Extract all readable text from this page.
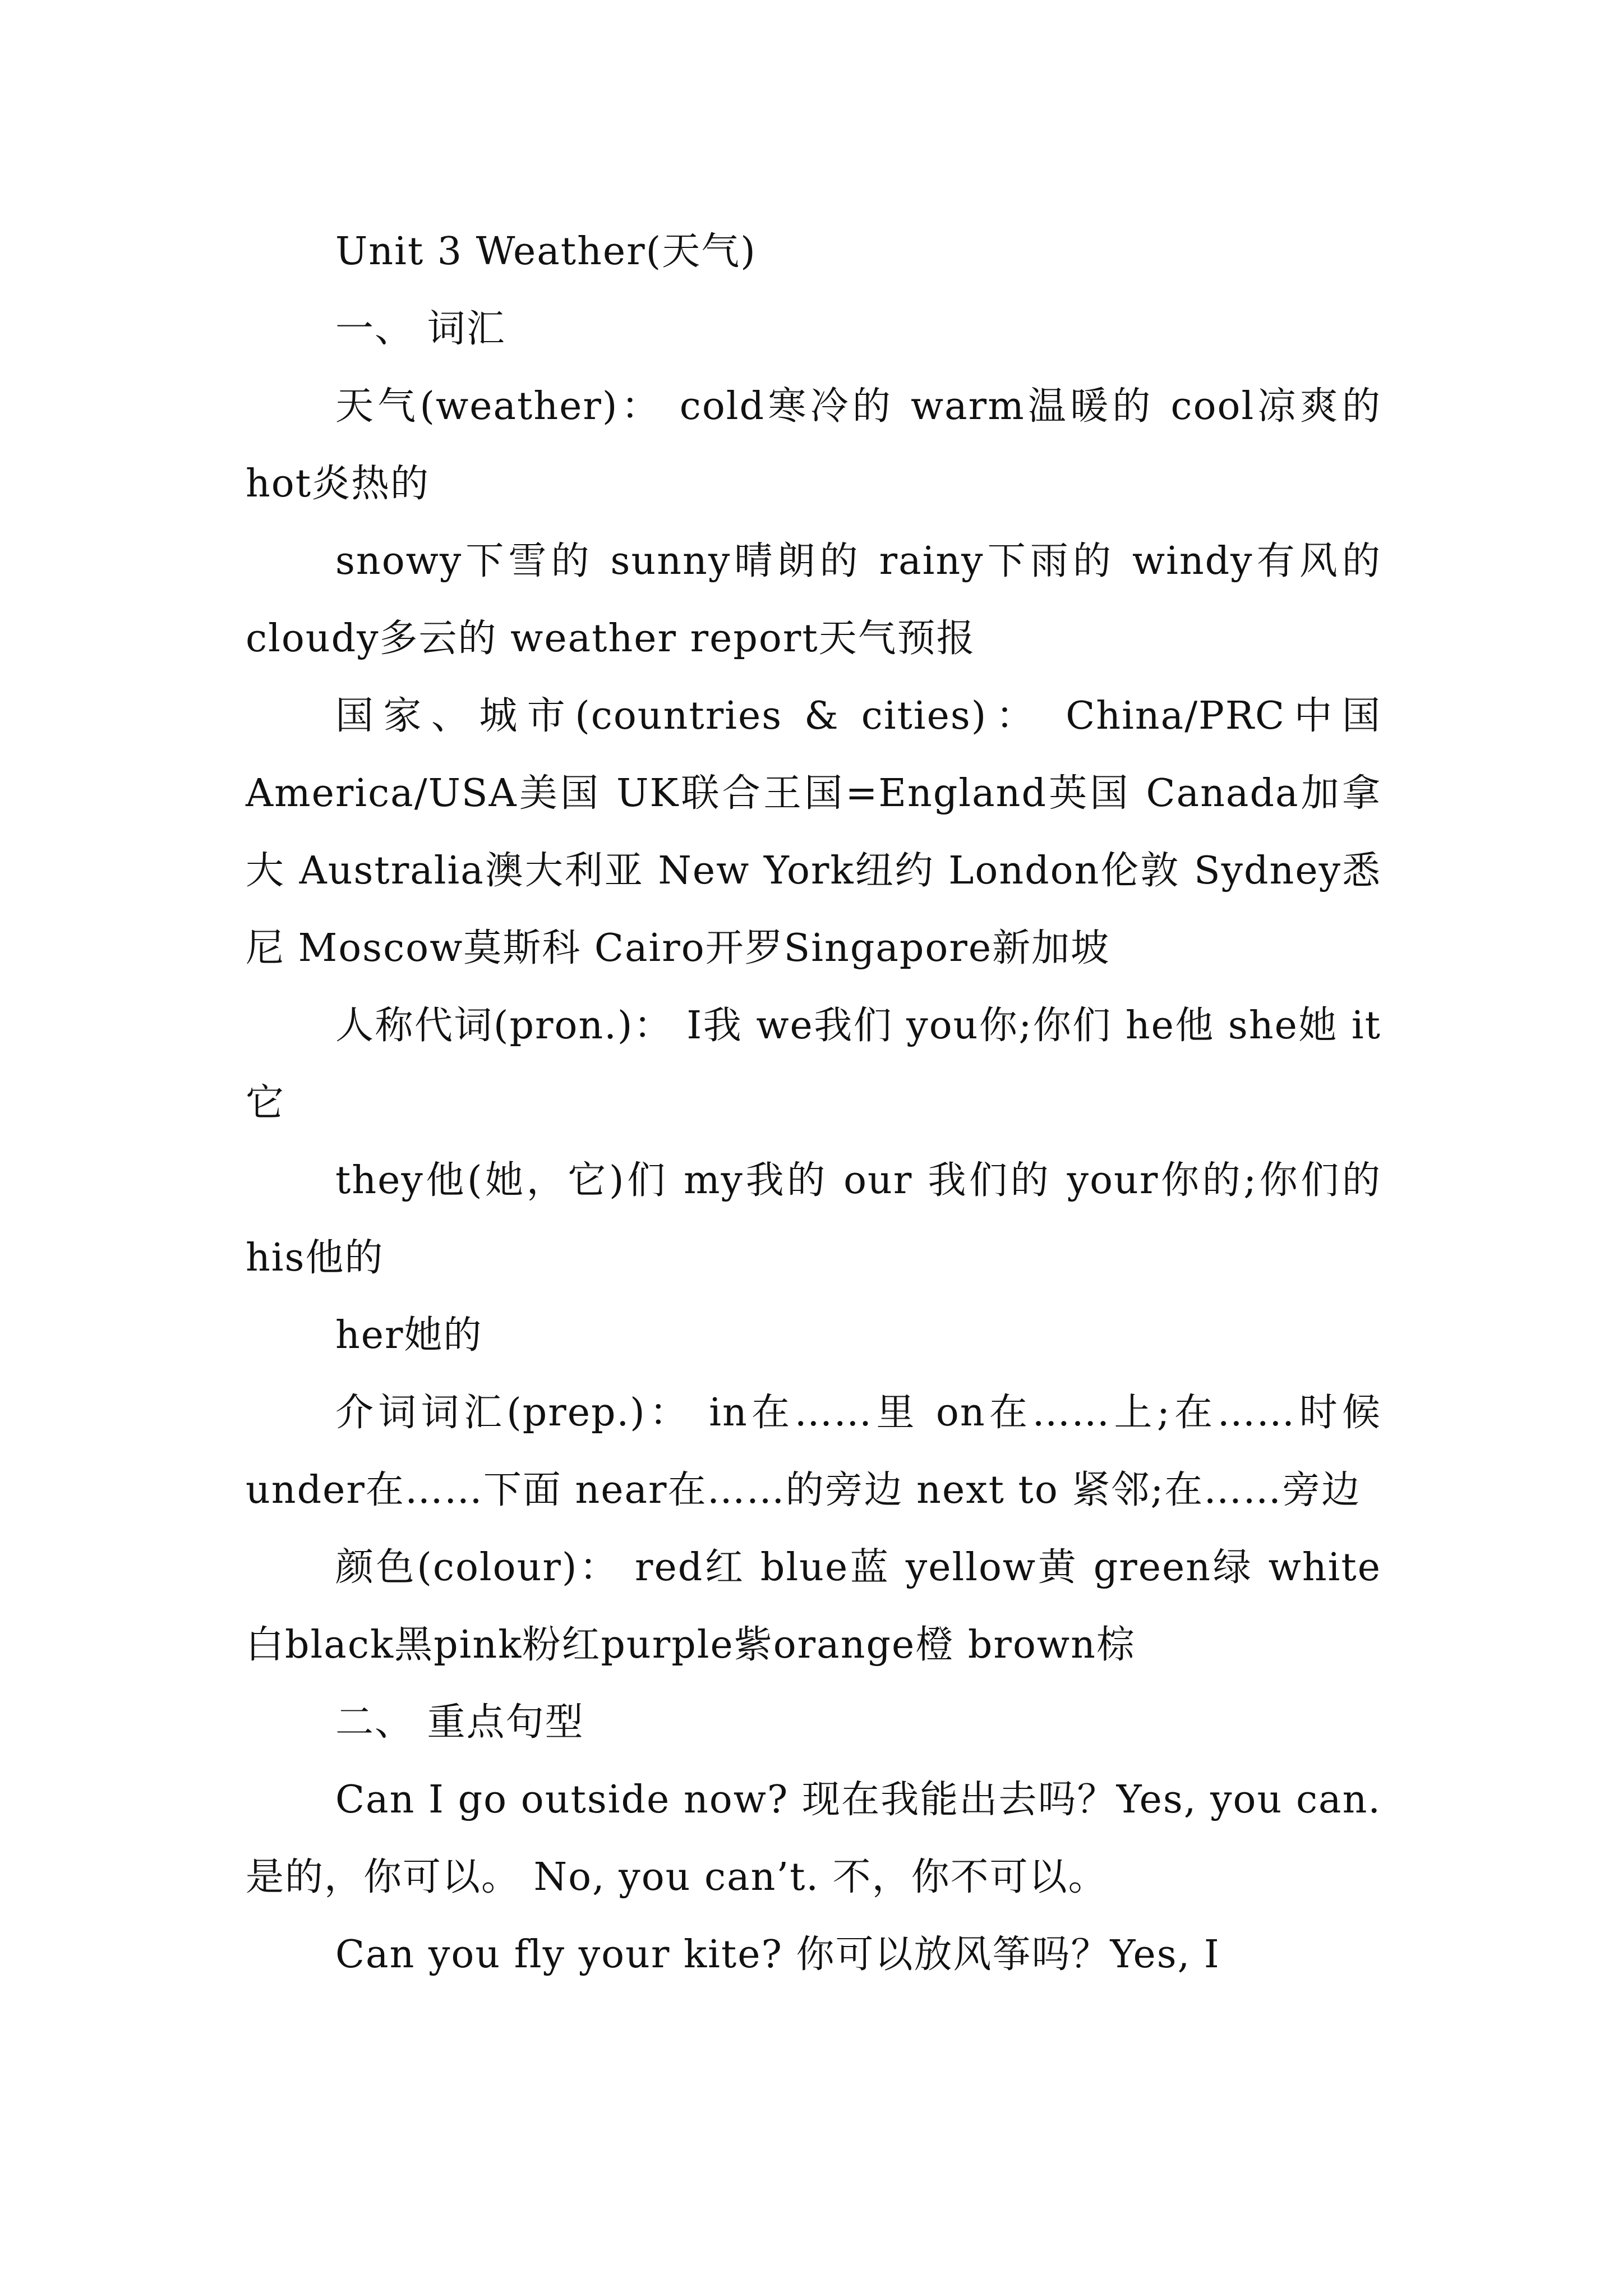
Unit 3 Weather(天气)

一、 词汇

天气(weather)： cold寒冷的 warm温暖的 cool凉爽的 hot炎热的

snowy下雪的 sunny晴朗的 rainy下雨的 windy有风的 cloudy多云的 weather report天气预报

国家、城市(countries & cities)： China/PRC中国 America/USA美国 UK联合王国=England英国 Canada加拿大 Australia澳大利亚 New York纽约 London伦敦 Sydney悉尼 Moscow莫斯科 Cairo开罗Singapore新加坡

人称代词(pron.)： I我 we我们 you你;你们 he他 she她 it它

they他(她，它)们 my我的 our 我们的 your你的;你们的 his他的

her她的

介词词汇(prep.)： in在……里 on在……上;在……时候 under在……下面 near在……的旁边 next to 紧邻;在……旁边

颜色(colour)： red红 blue蓝 yellow黄 green绿 white白black黑pink粉红purple紫orange橙 brown棕

二、 重点句型

Can I go outside now? 现在我能出去吗？Yes, you can.是的，你可以。 No, you can’t. 不，你不可以。

Can you fly your kite? 你可以放风筝吗？Yes, I
